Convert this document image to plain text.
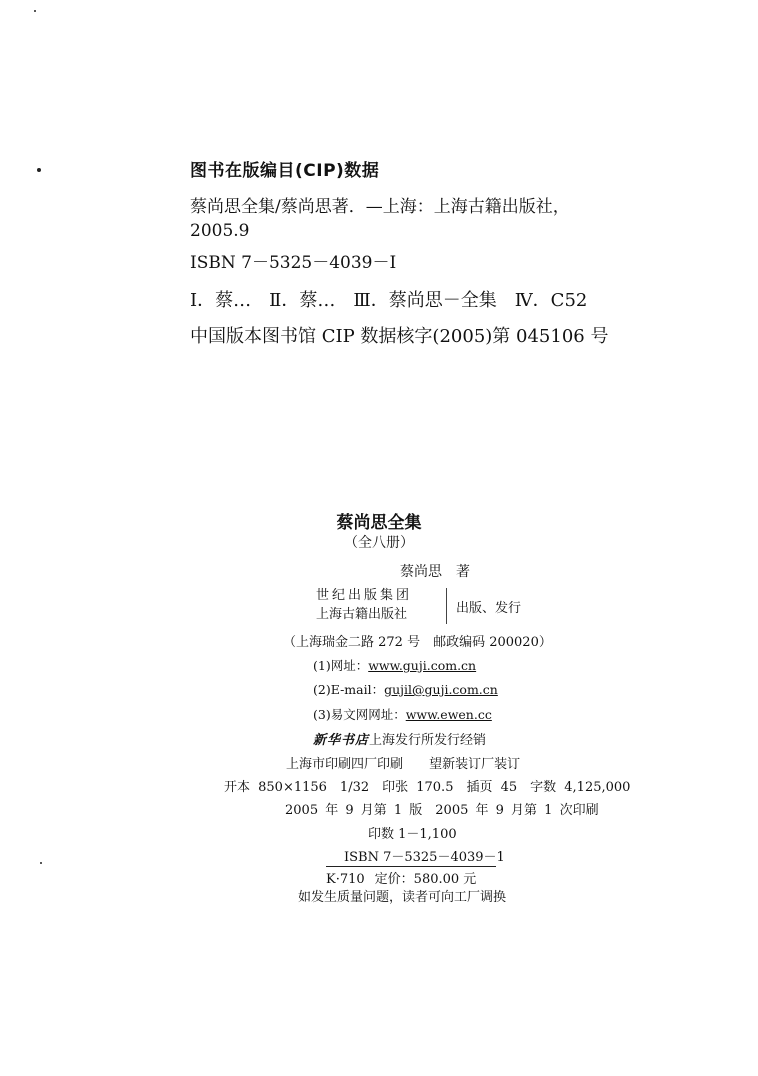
图书在版编目(CIP)数据
蔡尚思全集/蔡尚思著．—上海：上海古籍出版社，
2005.9
ISBN 7－5325－4039－I
Ⅰ．蔡…　Ⅱ．蔡…　Ⅲ．蔡尚思－全集　Ⅳ．C52
中国版本图书馆 CIP 数据核字(2005)第 045106 号
蔡尚思全集
（全八册）
蔡尚思　著
世纪出版集团
上海古籍出版社	出版、发行
（上海瑞金二路 272 号　邮政编码 200020）
(1)网址：www.guji.com.cn
(2)E-mail：gujil@guji.com.cn
(3)易文网网址：www.ewen.cc
新华书店上海发行所发行经销
上海市印刷四厂印刷 望新装订厂装订
开本 850×1156　1/32　印张 170.5　插页 45　字数 4,125,000
2005 年 9 月第 1 版　2005 年 9 月第 1 次印刷
印数 1－1,100
ISBN 7－5325－4039－1
K·710 定价：580.00 元
如发生质量问题，读者可向工厂调换
